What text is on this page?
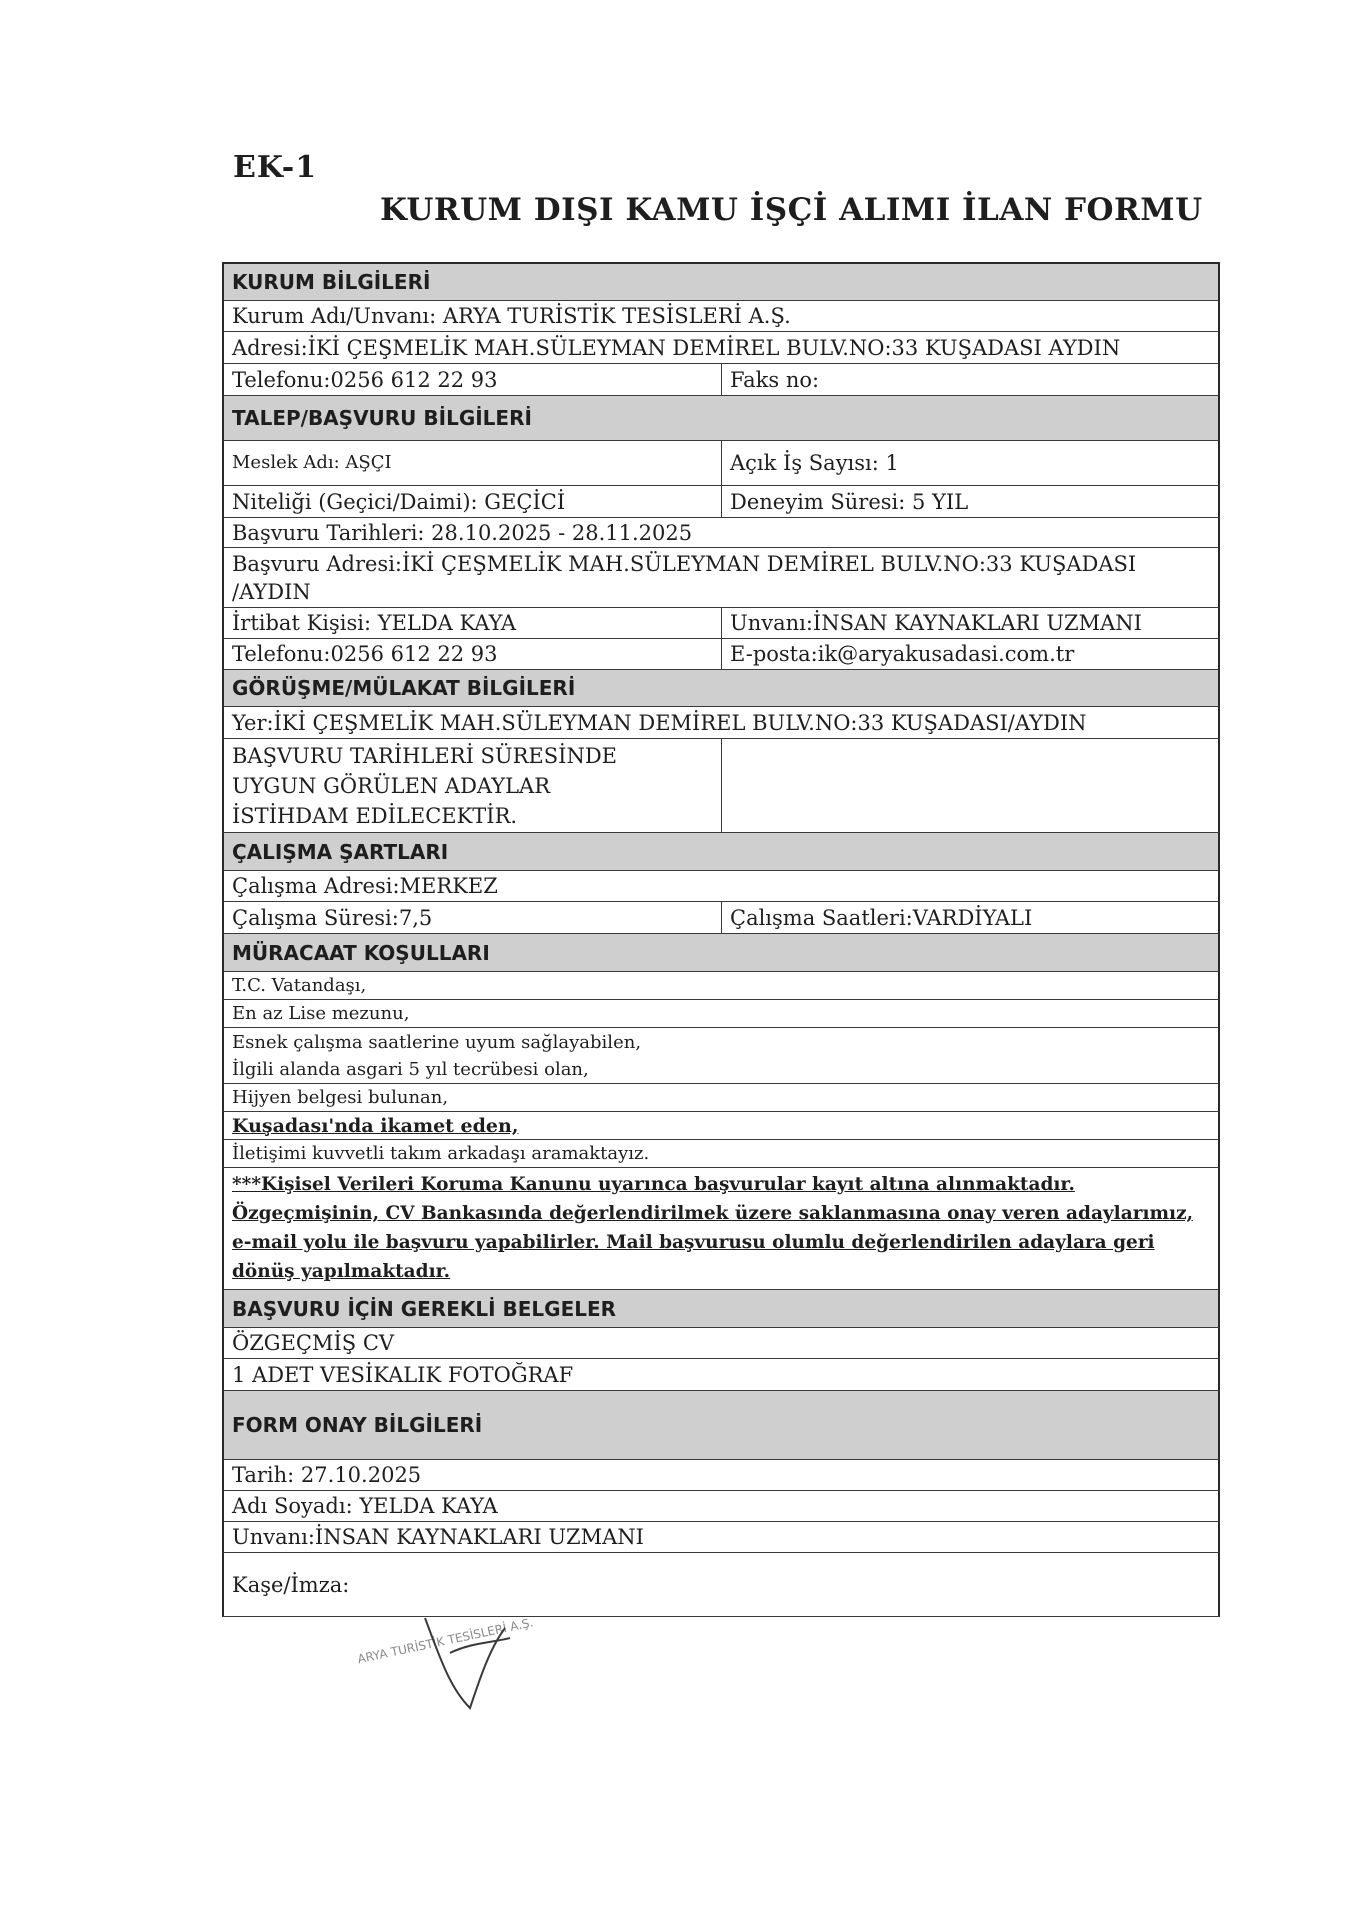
EK-1
KURUM DIŞI KAMU İŞÇİ ALIMI İLAN FORMU
KURUM BİLGİLERİ
Kurum Adı/Unvanı: ARYA TURİSTİK TESİSLERİ A.Ş.
Adresi:İKİ ÇEŞMELİK MAH.SÜLEYMAN DEMİREL BULV.NO:33 KUŞADASI AYDIN
Telefonu:0256 612 22 93	Faks no:
TALEP/BAŞVURU BİLGİLERİ
Meslek Adı: AŞÇI	Açık İş Sayısı: 1
Niteliği (Geçici/Daimi): GEÇİCİ	Deneyim Süresi: 5 YIL
Başvuru Tarihleri: 28.10.2025 - 28.11.2025
Başvuru Adresi:İKİ ÇEŞMELİK MAH.SÜLEYMAN DEMİREL BULV.NO:33 KUŞADASI /AYDIN
İrtibat Kişisi: YELDA KAYA	Unvanı:İNSAN KAYNAKLARI UZMANI
Telefonu:0256 612 22 93	E-posta:ik@aryakusadasi.com.tr
GÖRÜŞME/MÜLAKAT BİLGİLERİ
Yer:İKİ ÇEŞMELİK MAH.SÜLEYMAN DEMİREL BULV.NO:33 KUŞADASI/AYDIN
BAŞVURU TARİHLERİ SÜRESİNDE UYGUN GÖRÜLEN ADAYLAR İSTİHDAM EDİLECEKTİR.
ÇALIŞMA ŞARTLARI
Çalışma Adresi:MERKEZ
Çalışma Süresi:7,5	Çalışma Saatleri:VARDİYALI
MÜRACAAT KOŞULLARI
T.C. Vatandaşı,
En az Lise mezunu,
Esnek çalışma saatlerine uyum sağlayabilen,
İlgili alanda asgari 5 yıl tecrübesi olan,
Hijyen belgesi bulunan,
Kuşadası'nda ikamet eden,
İletişimi kuvvetli takım arkadaşı aramaktayız.
***Kişisel Verileri Koruma Kanunu uyarınca başvurular kayıt altına alınmaktadır. Özgeçmişinin, CV Bankasında değerlendirilmek üzere saklanmasına onay veren adaylarımız, e-mail yolu ile başvuru yapabilirler. Mail başvurusu olumlu değerlendirilen adaylara geri dönüş yapılmaktadır.
BAŞVURU İÇİN GEREKLİ BELGELER
ÖZGEÇMİŞ CV
1 ADET VESİKALIK FOTOĞRAF
FORM ONAY BİLGİLERİ
Tarih: 27.10.2025
Adı Soyadı: YELDA KAYA
Unvanı:İNSAN KAYNAKLARI UZMANI
Kaşe/İmza:
ARYA TURİSTİK TESİSLERİ A.Ş.
